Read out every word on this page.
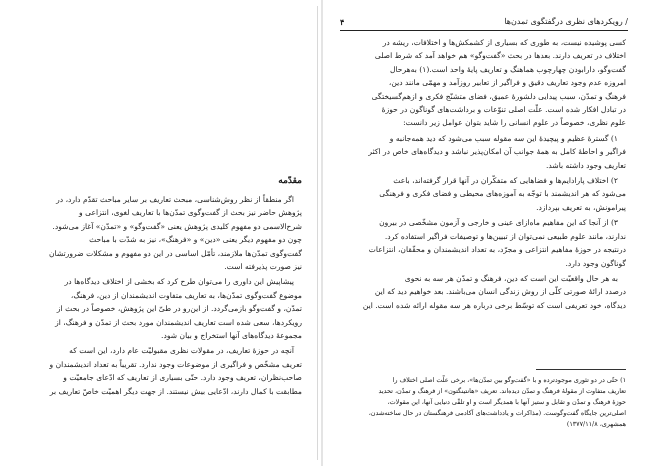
مقدّمه

اگر منطقاً از نظر روش‌شناسی، مبحث تعاریف بر سایر مباحث تقدّم دارد، در
پژوهش حاضر نیز بحث از گفت‌وگوی تمدّن‌ها با تعاریف لغوی، انتزاعی و
شرح‌الاسمی دو مفهوم کلیدی پژوهش یعنی «گفت‌وگو» و «تمدّن» آغاز می‌شود.
چون دو مفهوم دیگر یعنی «دین» و «فرهنگ»، نیز به شدّت با مباحث
گفت‌وگوی تمدّن‌ها ملازمند، تأمّل اساسی در این دو مفهوم و مشکلات ضرورتشان
نیز صورت پذیرفته است.

پیشاپیش این داوری را می‌توان طرح کرد که بخشی از اختلاف دیدگاه‌ها در
موضوع گفت‌وگوی تمدّن‌ها، به تعاریف متفاوت اندیشمندان از دین، فرهنگ،
تمدّن، و گفت‌وگو بازمی‌گردد. از این‌رو در طیّ این پژوهش، خصوصاً در بحث از
رویکردها، سعی شده است تعاریف اندیشمندان مورد بحث از تمدّن و فرهنگ، از
مجموعهٔ دیدگاه‌های آنها استخراج و بیان شود.

آنچه در حوزهٔ تعاریف، در مقولات نظری مقبولیّت عام دارد، این است که
تعریف مشخّص و فراگیری از موضوعات وجود ندارد. تقریباً به تعداد اندیشمندان و
صاحب‌نظران، تعریف وجود دارد. حتّی بسیاری از تعاریف که ادّعای جامعیّت و
مطابقت با کمال دارند، ادّعایی بیش نیستند. از جهت دیگر اهمیّت خاصّ تعاریف بر

/ رویکردهای نظری درگفتگوی تمدن‌ها
۴

کسی پوشیده نیست، به طوری که بسیاری از کشمکش‌ها و اختلافات، ریشه در
اختلاف در تعریف دارند. بعدها در بحث «گفت‌وگو» هم خواهد آمد که شرط اصلی
گفت‌وگو، دارابودن چهارچوب هماهنگ و تعاریف پایهٔ واحد است.(۱) به‌هرحال
امروزه عدم وجود تعاریف دقیق و فراگیر از تعابیر روزآمد و مهمّی مانند دین،
فرهنگ و تمدّن، سبب پیدایی دلشورهٔ عمیق، فضای متشنّج فکری و ازهم‌گسیختگی
در تبادل افکار شده است. علّت اصلی تنوّعات و برداشت‌های گوناگون در حوزهٔ
علوم نظری، خصوصاً در علوم انسانی را شاید بتوان عوامل زیر دانست:

۱) گسترهٔ عظیم و پیچیدهٔ این سه مقوله سبب می‌شود که دید همه‌جانبه و
فراگیر و احاطهٔ کامل به همهٔ جوانب آن امکان‌پذیر نباشد و دیدگاه‌های خاص در اکثر
تعاریف وجود داشته باشد.

۲) اختلاف پارادایم‌ها و فضاهایی که متفکّران در آنها قرار گرفته‌اند، باعث
می‌شود که هر اندیشمند با توجّه به آموزه‌های محیطی و فضای فکری و فرهنگی
پیرامونش، به تعریف بپردازد.

۳) از آنجا که این مفاهیم ماه‌ازای عینی و خارجی و آزمون مشخّصی در بیرون
ندارند، مانند علوم طبیعی نمی‌توان از تبیین‌ها و توصیفات فراگیر استفاده کرد.
درنتیجه در حوزهٔ مفاهیم انتزاعی و مجرّد، به تعداد اندیشمندان و محقّقان، انتزاعات
گوناگون وجود دارد.

به هر حال واقعیّت این است که دین، فرهنگ و تمدّن هر سه به نحوی
درصدد ارائهٔ صورتی کلّی از روش زندگی انسان می‌باشند. بعد خواهیم دید که این
دیدگاه، خود تعریفی است که توسّط برخی درباره هر سه مقوله ارائه شده است. این

۱) حتّی در دو تئوری موجودترده و با «گفت‌وگو بین تمدّن‌ها»، برخی علّت اصلی اختلاف را
تعاریف متفاوت از مقولهٔ فرهنگ و تمدّن دیده‌اند. تعریف «هانتینگتون» از فرهنگ و تمدّن، تحدید
حوزهٔ فرهنگ و تمدّن و تقابل و ستیز آنها با همدیگر است و او تلقّی دنیایی آنها، این مقولات،
اصلی‌ترین جایگاه گفت‌وگوست. (مذاکرات و یادداشت‌های آکادمی فرهنگستان در حال ساخته‌شدن،
همشهری، ۱۳۷۷/۱۱/۸)
